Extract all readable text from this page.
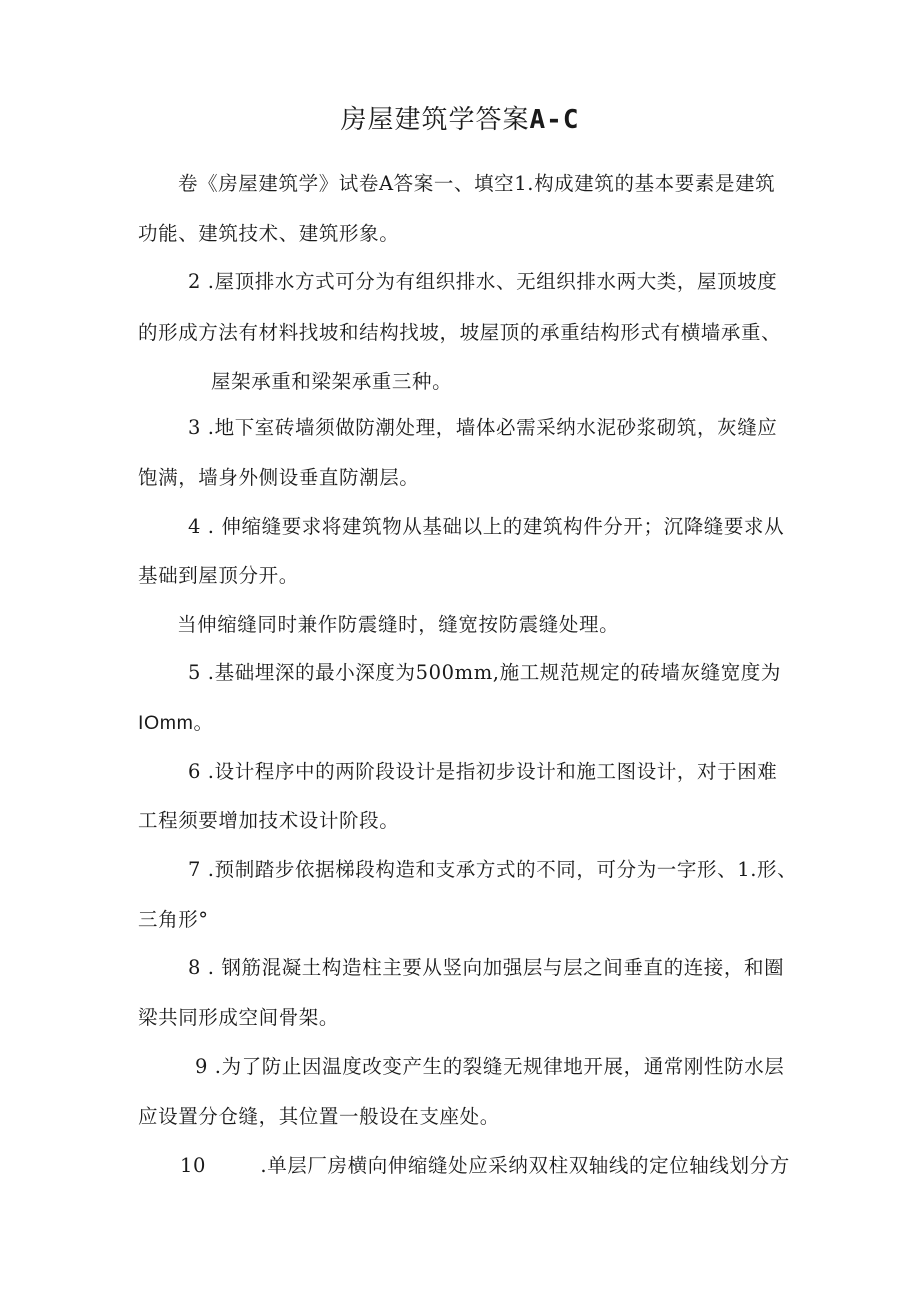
房屋建筑学答案A-C
卷《房屋建筑学》试卷A答案一、填空1.构成建筑的基本要素是建筑
功能、建筑技术、建筑形象。
2 .屋顶排水方式可分为有组织排水、无组织排水两大类，屋顶坡度
的形成方法有材料找坡和结构找坡，坡屋顶的承重结构形式有横墙承重、
屋架承重和梁架承重三种。
3 .地下室砖墙须做防潮处理，墙体必需采纳水泥砂浆砌筑，灰缝应
饱满，墙身外侧设垂直防潮层。
4 . 伸缩缝要求将建筑物从基础以上的建筑构件分开；沉降缝要求从
基础到屋顶分开。
当伸缩缝同时兼作防震缝时，缝宽按防震缝处理。
5 .基础埋深的最小深度为500mm,施工规范规定的砖墙灰缝宽度为
IOmm。
6 .设计程序中的两阶段设计是指初步设计和施工图设计，对于困难
工程须要增加技术设计阶段。
7 .预制踏步依据梯段构造和支承方式的不同，可分为一字形、1.形、
三角形°
8 . 钢筋混凝土构造柱主要从竖向加强层与层之间垂直的连接，和圈
梁共同形成空间骨架。
9 .为了防止因温度改变产生的裂缝无规律地开展，通常刚性防水层
应设置分仓缝，其位置一般设在支座处。
10        .单层厂房横向伸缩缝处应采纳双柱双轴线的定位轴线划分方
